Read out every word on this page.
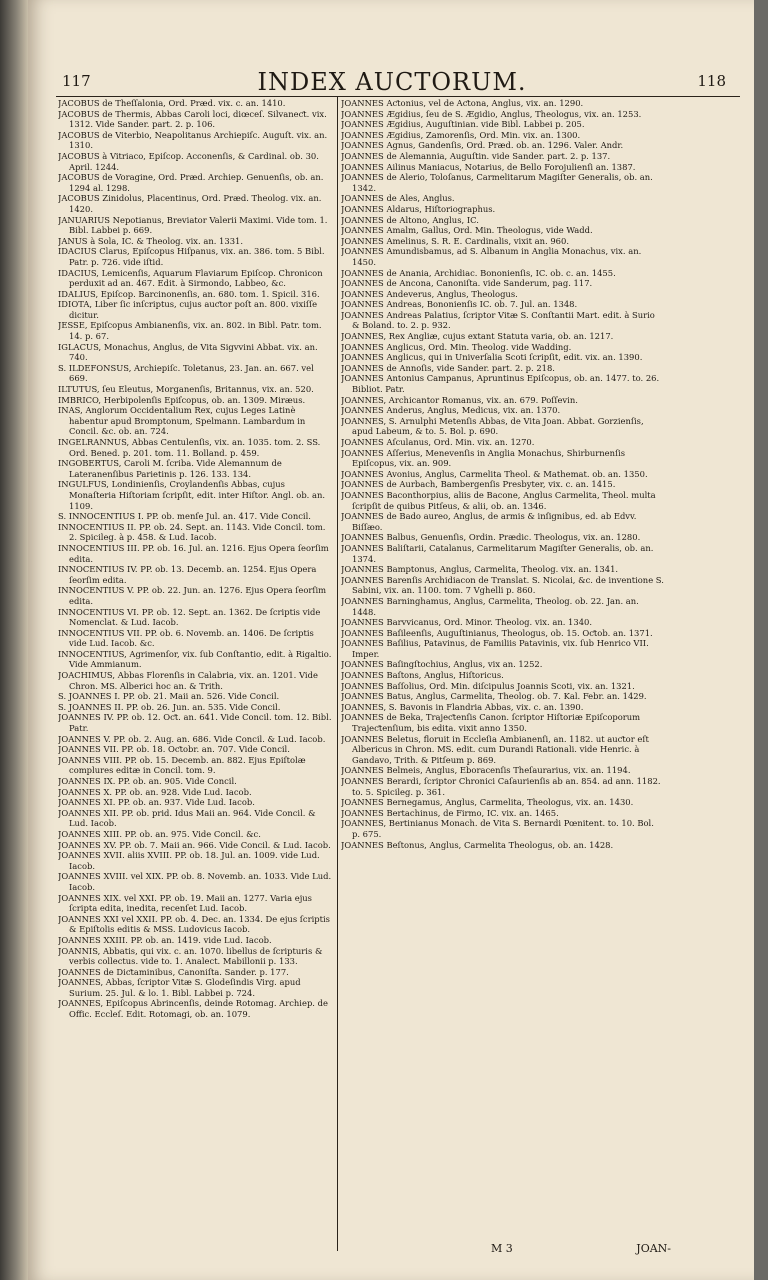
117	INDEX AUCTORUM.	118
JACOBUS de Theſſalonia, Ord. Præd. vix. c. an. 1410.
JACOBUS de Thermis, Abbas Caroli loci, diœceſ. Silvaneƈt. vix. 1312. Vide Sander. part. 2. p. 106.
JACOBUS de Viterbio, Neapolitanus Archiepiſc. Auguſt. vix. an. 1310.
JACOBUS à Vitriaco, Epiſcop. Acconenſis, & Cardinal. ob. 30. April. 1244.
JACOBUS de Voragine, Ord. Præd. Archiep. Genuenſis, ob. an. 1294 al. 1298.
JACOBUS Zinidolus, Placentinus, Ord. Præd. Theolog. vix. an. 1420.
JANUARIUS Nepotianus, Breviator Valerii Maximi. Vide tom. 1. Bibl. Labbei p. 669.
JANUS à Sola, IC. & Theolog. vix. an. 1331.
IDACIUS Clarus, Epiſcopus Hiſpanus, vix. an. 386. tom. 5 Bibl. Patr. p. 726. vide iſtid.
IDACIUS, Lemicenſis, Aquarum Flaviarum Epiſcop. Chronicon perduxit ad an. 467. Edit. à Sirmondo, Labbeo, &c.
IDALIUS, Epiſcop. Barcinonenſis, an. 680. tom. 1. Spicil. 316.
IDIOTA, Liber ſic inſcriptus, cujus auƈtor poſt an. 800. vixiſſe dicitur.
JESSE, Epiſcopus Ambianenſis, vix. an. 802. in Bibl. Patr. tom. 14. p. 67.
IGLACUS, Monachus, Anglus, de Vita Sigvvini Abbat. vix. an. 740.
S. ILDEFONSUS, Archiepiſc. Toletanus, 23. Jan. an. 667. vel 669.
ILTUTUS, ſeu Eleutus, Morganenſis, Britannus, vix. an. 520.
IMBRICO, Herbipolenſis Epiſcopus, ob. an. 1309. Miræus.
INAS, Anglorum Occidentalium Rex, cujus Leges Latinè habentur apud Bromptonum, Spelmann. Lambardum in Concil. &c. ob. an. 724.
INGELRANNUS, Abbas Centulenſis, vix. an. 1035. tom. 2. SS. Ord. Bened. p. 201. tom. 11. Bolland. p. 459.
INGOBERTUS, Caroli M. ſcriba. Vide Alemannum de Lateranenſibus Parietinis p. 126. 133. 134.
INGULFUS, Londinienſis, Croylandenſis Abbas, cujus Monaſteria Hiſtoriam ſcripſit, edit. inter Hiſtor. Angl. ob. an. 1109.
S. INNOCENTIUS I. PP. ob. menſe Jul. an. 417. Vide Concil.
INNOCENTIUS II. PP. ob. 24. Sept. an. 1143. Vide Concil. tom. 2. Spicileg. à p. 458. & Lud. Iacob.
INNOCENTIUS III. PP. ob. 16. Jul. an. 1216. Ejus Opera ſeorſim edita.
INNOCENTIUS IV. PP. ob. 13. Decemb. an. 1254. Ejus Opera ſeorſim edita.
INNOCENTIUS V. PP. ob. 22. Jun. an. 1276. Ejus Opera ſeorſim edita.
INNOCENTIUS VI. PP. ob. 12. Sept. an. 1362. De ſcriptis vide Nomenclat. & Lud. Iacob.
INNOCENTIUS VII. PP. ob. 6. Novemb. an. 1406. De ſcriptis vide Lud. Iacob. &c.
INNOCENTIUS, Agrimenſor, vix. ſub Conſtantio, edit. à Rigaltio. Vide Ammianum.
JOACHIMUS, Abbas Florenſis in Calabria, vix. an. 1201. Vide Chron. MS. Alberici hoc an. & Trith.
S. JOANNES I. PP. ob. 21. Maii an. 526. Vide Concil.
S. JOANNES II. PP. ob. 26. Jun. an. 535. Vide Concil.
JOANNES IV. PP. ob. 12. Oƈt. an. 641. Vide Concil. tom. 12. Bibl. Patr.
JOANNES V. PP. ob. 2. Aug. an. 686. Vide Concil. & Lud. Iacob.
JOANNES VII. PP. ob. 18. Oƈtobr. an. 707. Vide Concil.
JOANNES VIII. PP. ob. 15. Decemb. an. 882. Ejus Epiſtolæ complures editæ in Concil. tom. 9.
JOANNES IX. PP. ob. an. 905. Vide Concil.
JOANNES X. PP. ob. an. 928. Vide Lud. Iacob.
JOANNES XI. PP. ob. an. 937. Vide Lud. Iacob.
JOANNES XII. PP. ob. prid. Idus Maii an. 964. Vide Concil. & Lud. Iacob.
JOANNES XIII. PP. ob. an. 975. Vide Concil. &c.
JOANNES XV. PP. ob. 7. Maii an. 966. Vide Concil. & Lud. Iacob.
JOANNES XVII. aliis XVIII. PP. ob. 18. Jul. an. 1009. vide Lud. Iacob.
JOANNES XVIII. vel XIX. PP. ob. 8. Novemb. an. 1033. Vide Lud. Iacob.
JOANNES XIX. vel XXI. PP. ob. 19. Maii an. 1277. Varia ejus ſcripta edita, inedita, recenſet Lud. Iacob.
JOANNES XXI vel XXII. PP. ob. 4. Dec. an. 1334. De ejus ſcriptis & Epiſtolis editis & MSS. Ludovicus Iacob.
JOANNES XXIII. PP. ob. an. 1419. vide Lud. Iacob.
JOANNIS, Abbatis, qui vix. c. an. 1070. libellus de ſcripturis & verbis collectus. vide to. 1. Analect. Mabillonii p. 133.
JOANNES de Diƈtaminibus, Canoniſta. Sander. p. 177.
JOANNES, Abbas, ſcriptor Vitæ S. Glodeſindis Virg. apud Surium. 25. Jul. & lo. 1. Bibl. Labbei p. 724.
JOANNES, Epiſcopus Abrincenſis, deinde Rotomag. Archiep. de Offic. Eccleſ. Edit. Rotomagi, ob. an. 1079.
JOANNES Aƈtonius, vel de Aƈtona, Anglus, vix. an. 1290.
JOANNES Ægidius, ſeu de S. Ægidio, Anglus, Theologus, vix. an. 1253.
JOANNES Ægidius, Auguſtinian. vide Bibl. Labbei p. 205.
JOANNES Ægidius, Zamorenſis, Ord. Min. vix. an. 1300.
JOANNES Agnus, Gandenſis, Ord. Præd. ob. an. 1296. Valer. Andr.
JOANNES de Alemannia, Auguſtin. vide Sander. part. 2. p. 137.
JOANNES Ailinus Maniacus, Notarius, de Bello Forojulienſi an. 1387.
JOANNES de Alerio, Toloſanus, Carmelitarum Magiſter Generalis, ob. an. 1342.
JOANNES de Ales, Anglus.
JOANNES Aldarus, Hiſtoriographus.
JOANNES de Altono, Anglus, IC.
JOANNES Amalm, Gallus, Ord. Min. Theologus, vide Wadd.
JOANNES Amelinus, S. R. E. Cardinalis, vixit an. 960.
JOANNES Amundisbamus, ad S. Albanum in Anglia Monachus, vix. an. 1450.
JOANNES de Anania, Archidiac. Bononienſis, IC. ob. c. an. 1455.
JOANNES de Ancona, Canoniſta. vide Sanderum, pag. 117.
JOANNES Andeverus, Anglus, Theologus.
JOANNES Andreas, Bononienſis IC. ob. 7. Jul. an. 1348.
JOANNES Andreas Palatius, ſcriptor Vitæ S. Conſtantii Mart. edit. à Surio & Boland. to. 2. p. 932.
JOANNES, Rex Angliæ, cujus extant Statuta varia, ob. an. 1217.
JOANNES Anglicus, Ord. Min. Theolog. vide Wadding.
JOANNES Anglicus, qui in Univerſalia Scoti ſcripſit, edit. vix. an. 1390.
JOANNES de Annoſis, vide Sander. part. 2. p. 218.
JOANNES Antonius Campanus, Apruntinus Epiſcopus, ob. an. 1477. to. 26. Bibliot. Patr.
JOANNES, Archicantor Romanus, vix. an. 679. Poſſevin.
JOANNES Anderus, Anglus, Medicus, vix. an. 1370.
JOANNES, S. Arnulphi Metenſis Abbas, de Vita Joan. Abbat. Gorzienſis, apud Labeum, & to. 5. Bol. p. 690.
JOANNES Aſculanus, Ord. Min. vix. an. 1270.
JOANNES Aſſerius, Menevenſis in Anglia Monachus, Shirburnenſis Epiſcopus, vix. an. 909.
JOANNES Avonius, Anglus, Carmelita Theol. & Mathemat. ob. an. 1350.
JOANNES de Aurbach, Bambergenſis Presbyter, vix. c. an. 1415.
JOANNES Baconthorpius, aliis de Bacone, Anglus Carmelita, Theol. multa ſcripſit de quibus Pitſeus, & alii, ob. an. 1346.
JOANNES de Bado aureo, Anglus, de armis & inſignibus, ed. ab Edvv. Biſſæo.
JOANNES Balbus, Genuenſis, Ordin. Prædic. Theologus, vix. an. 1280.
JOANNES Baliſtarii, Catalanus, Carmelitarum Magiſter Generalis, ob. an. 1374.
JOANNES Bamptonus, Anglus, Carmelita, Theolog. vix. an. 1341.
JOANNES Barenſis Archidiacon de Translat. S. Nicolai, &c. de inventione S. Sabini, vix. an. 1100. tom. 7 Vghelli p. 860.
JOANNES Barninghamus, Anglus, Carmelita, Theolog. ob. 22. Jan. an. 1448.
JOANNES Barvvicanus, Ord. Minor. Theolog. vix. an. 1340.
JOANNES Baſileenſis, Auguſtinianus, Theologus, ob. 15. Oƈtob. an. 1371.
JOANNES Baſilius, Patavinus, de Familiis Patavinis, vix. ſub Henrico VII. Imper.
JOANNES Baſingſtochius, Anglus, vix an. 1252.
JOANNES Baſtons, Anglus, Hiſtoricus.
JOANNES Baſſolius, Ord. Min. diſcipulus Joannis Scoti, vix. an. 1321.
JOANNES Batus, Anglus, Carmelita, Theolog. ob. 7. Kal. Febr. an. 1429.
JOANNES, S. Bavonis in Flandria Abbas, vix. c. an. 1390.
JOANNES de Beka, Trajeƈtenſis Canon. ſcriptor Hiſtoriæ Epiſcoporum Trajeƈtenſium, bis edita. vixit anno 1350.
JOANNES Beletus, floruit in Eccleſia Ambianenſi, an. 1182. ut auƈtor eſt Albericus in Chron. MS. edit. cum Durandi Rationali. vide Henric. à Gandavo, Trith. & Pitſeum p. 869.
JOANNES Belmeis, Anglus, Eboracenſis Theſaurarius, vix. an. 1194.
JOANNES Berardi, ſcriptor Chronici Caſaurienſis ab an. 854. ad ann. 1182. to. 5. Spicileg. p. 361.
JOANNES Bernegamus, Anglus, Carmelita, Theologus, vix. an. 1430.
JOANNES Bertachinus, de Firmo, IC. vix. an. 1465.
JOANNES, Bertinianus Monach. de Vita S. Bernardi Pœnitent. to. 10. Bol. p. 675.
JOANNES Beſtonus, Anglus, Carmelita Theologus, ob. an. 1428.
M 3	JOAN-
